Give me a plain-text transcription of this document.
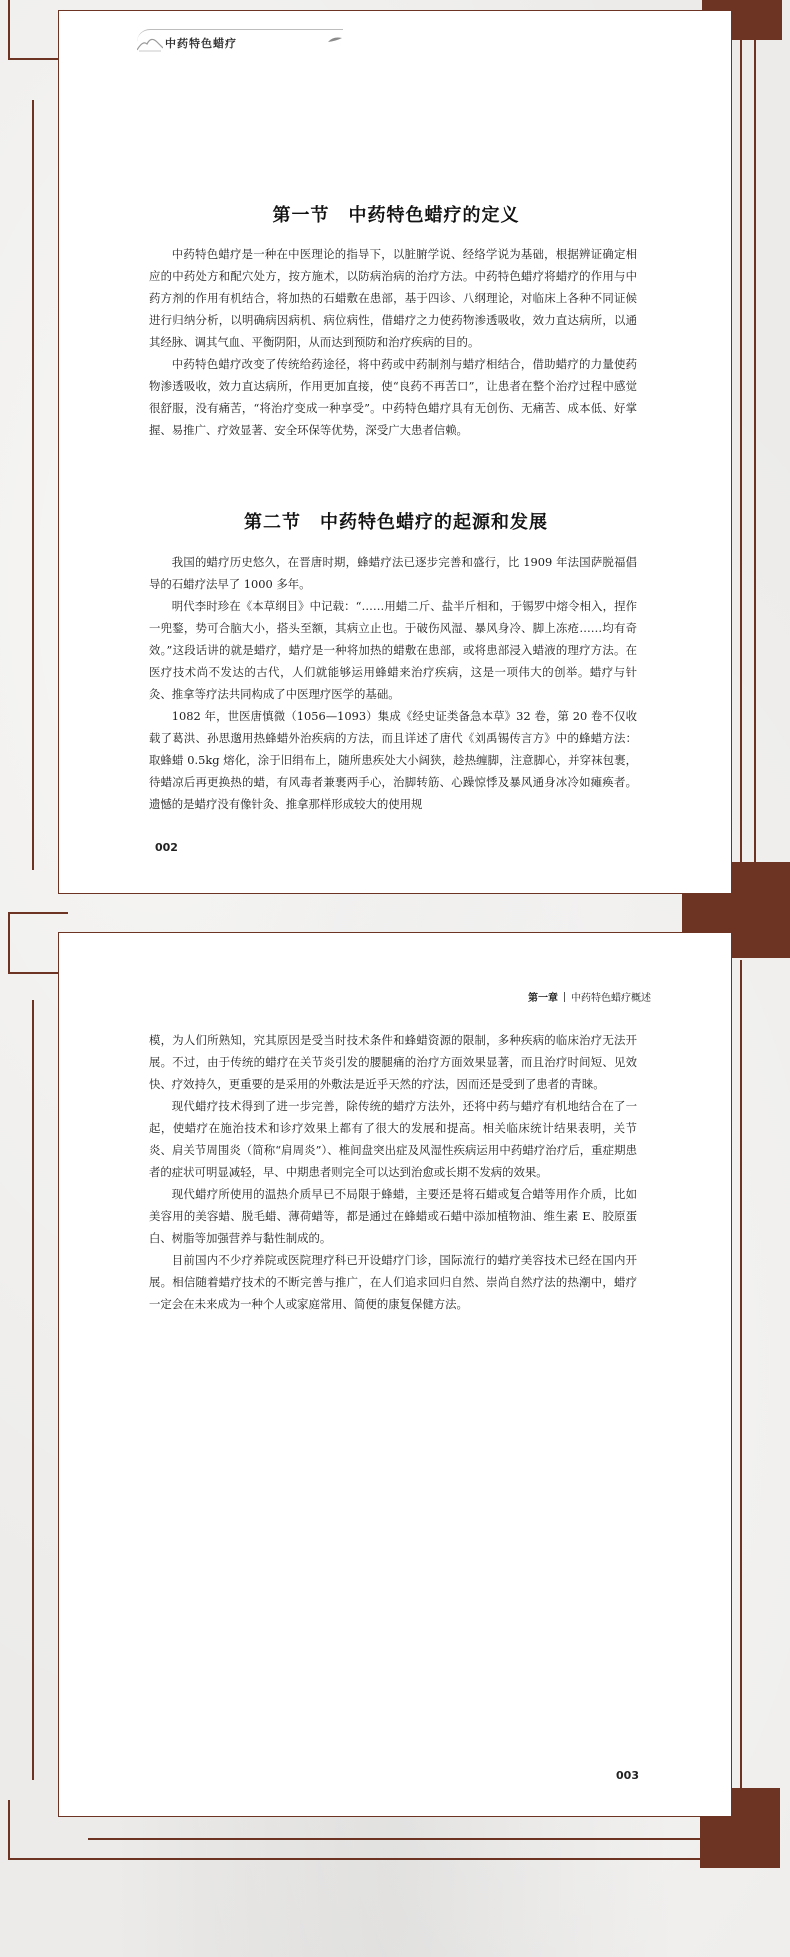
中药特色蜡疗
第一节　中药特色蜡疗的定义

中药特色蜡疗是一种在中医理论的指导下，以脏腑学说、经络学说为基础，根据辨证确定相应的中药处方和配穴处方，按方施术，以防病治病的治疗方法。中药特色蜡疗将蜡疗的作用与中药方剂的作用有机结合，将加热的石蜡敷在患部，基于四诊、八纲理论，对临床上各种不同证候进行归纳分析，以明确病因病机、病位病性，借蜡疗之力使药物渗透吸收，效力直达病所，以通其经脉、调其气血、平衡阴阳，从而达到预防和治疗疾病的目的。

中药特色蜡疗改变了传统给药途径，将中药或中药制剂与蜡疗相结合，借助蜡疗的力量使药物渗透吸收，效力直达病所，作用更加直接，使“良药不再苦口”，让患者在整个治疗过程中感觉很舒服，没有痛苦，“将治疗变成一种享受”。中药特色蜡疗具有无创伤、无痛苦、成本低、好掌握、易推广、疗效显著、安全环保等优势，深受广大患者信赖。

第二节　中药特色蜡疗的起源和发展

我国的蜡疗历史悠久，在晋唐时期，蜂蜡疗法已逐步完善和盛行，比 1909 年法国萨脱福倡导的石蜡疗法早了 1000 多年。

明代李时珍在《本草纲目》中记载：“……用蜡二斤、盐半斤相和，于锡罗中熔令相入，捏作一兜鍪，势可合脑大小，搭头至额，其病立止也。于破伤风湿、暴风身冷、脚上冻疮……均有奇效。”这段话讲的就是蜡疗，蜡疗是一种将加热的蜡敷在患部，或将患部浸入蜡液的理疗方法。在医疗技术尚不发达的古代，人们就能够运用蜂蜡来治疗疾病，这是一项伟大的创举。蜡疗与针灸、推拿等疗法共同构成了中医理疗医学的基础。

1082 年，世医唐慎微（1056—1093）集成《经史证类备急本草》32 卷，第 20 卷不仅收载了葛洪、孙思邈用热蜂蜡外治疾病的方法，而且详述了唐代《刘禹锡传言方》中的蜂蜡方法：取蜂蜡 0.5kg 熔化，涂于旧绢布上，随所患疾处大小阔狭，趁热缠脚，注意脚心，并穿袜包裹，待蜡凉后再更换热的蜡，有风毒者兼裹两手心，治脚转筋、心躁惊悸及暴风通身冰冷如瘫痪者。遗憾的是蜡疗没有像针灸、推拿那样形成较大的使用规

002
第一章 中药特色蜡疗概述

模，为人们所熟知，究其原因是受当时技术条件和蜂蜡资源的限制，多种疾病的临床治疗无法开展。不过，由于传统的蜡疗在关节炎引发的腰腿痛的治疗方面效果显著，而且治疗时间短、见效快、疗效持久，更重要的是采用的外敷法是近乎天然的疗法，因而还是受到了患者的青睐。

现代蜡疗技术得到了进一步完善，除传统的蜡疗方法外，还将中药与蜡疗有机地结合在了一起，使蜡疗在施治技术和诊疗效果上都有了很大的发展和提高。相关临床统计结果表明，关节炎、肩关节周围炎（简称“肩周炎”）、椎间盘突出症及风湿性疾病运用中药蜡疗治疗后，重症期患者的症状可明显减轻，早、中期患者则完全可以达到治愈或长期不发病的效果。

现代蜡疗所使用的温热介质早已不局限于蜂蜡，主要还是将石蜡或复合蜡等用作介质，比如美容用的美容蜡、脱毛蜡、薄荷蜡等，都是通过在蜂蜡或石蜡中添加植物油、维生素 E、胶原蛋白、树脂等加强营养与黏性制成的。

目前国内不少疗养院或医院理疗科已开设蜡疗门诊，国际流行的蜡疗美容技术已经在国内开展。相信随着蜡疗技术的不断完善与推广，在人们追求回归自然、崇尚自然疗法的热潮中，蜡疗一定会在未来成为一种个人或家庭常用、简便的康复保健方法。

003
